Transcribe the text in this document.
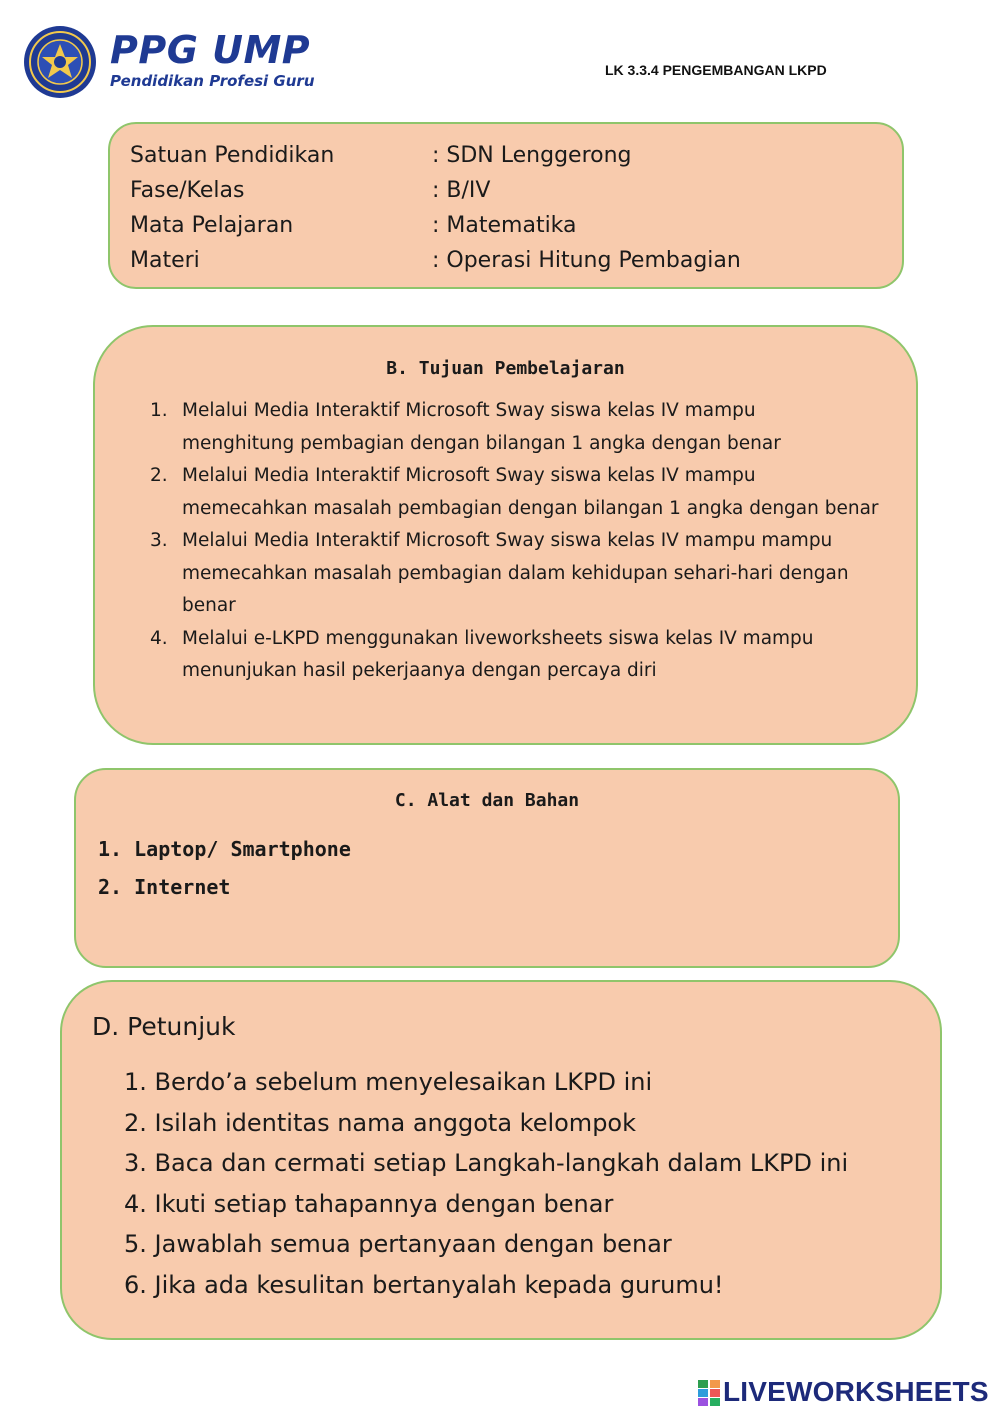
PPG UMP
Pendidikan Profesi Guru
LK 3.3.4 PENGEMBANGAN LKPD
Satuan Pendidikan	: SDN Lenggerong
Fase/Kelas	: B/IV
Mata Pelajaran	: Matematika
Materi	: Operasi Hitung Pembagian
B. Tujuan Pembelajaran
1. Melalui Media Interaktif Microsoft Sway siswa kelas IV mampu
menghitung pembagian dengan bilangan 1 angka dengan benar
2. Melalui Media Interaktif Microsoft Sway siswa kelas IV mampu
memecahkan masalah pembagian dengan bilangan 1 angka dengan benar
3. Melalui Media Interaktif Microsoft Sway siswa kelas IV mampu mampu
memecahkan masalah pembagian dalam kehidupan sehari-hari dengan benar
4. Melalui e-LKPD menggunakan liveworksheets siswa kelas IV mampu
menunjukan hasil pekerjaanya dengan percaya diri
C. Alat dan Bahan
1. Laptop/ Smartphone
2. Internet
D. Petunjuk
1. Berdo’a sebelum menyelesaikan LKPD ini
2. Isilah identitas nama anggota kelompok
3. Baca dan cermati setiap Langkah-langkah dalam LKPD ini
4. Ikuti setiap tahapannya dengan benar
5. Jawablah semua pertanyaan dengan benar
6. Jika ada kesulitan bertanyalah kepada gurumu!
LIVEWORKSHEETS
